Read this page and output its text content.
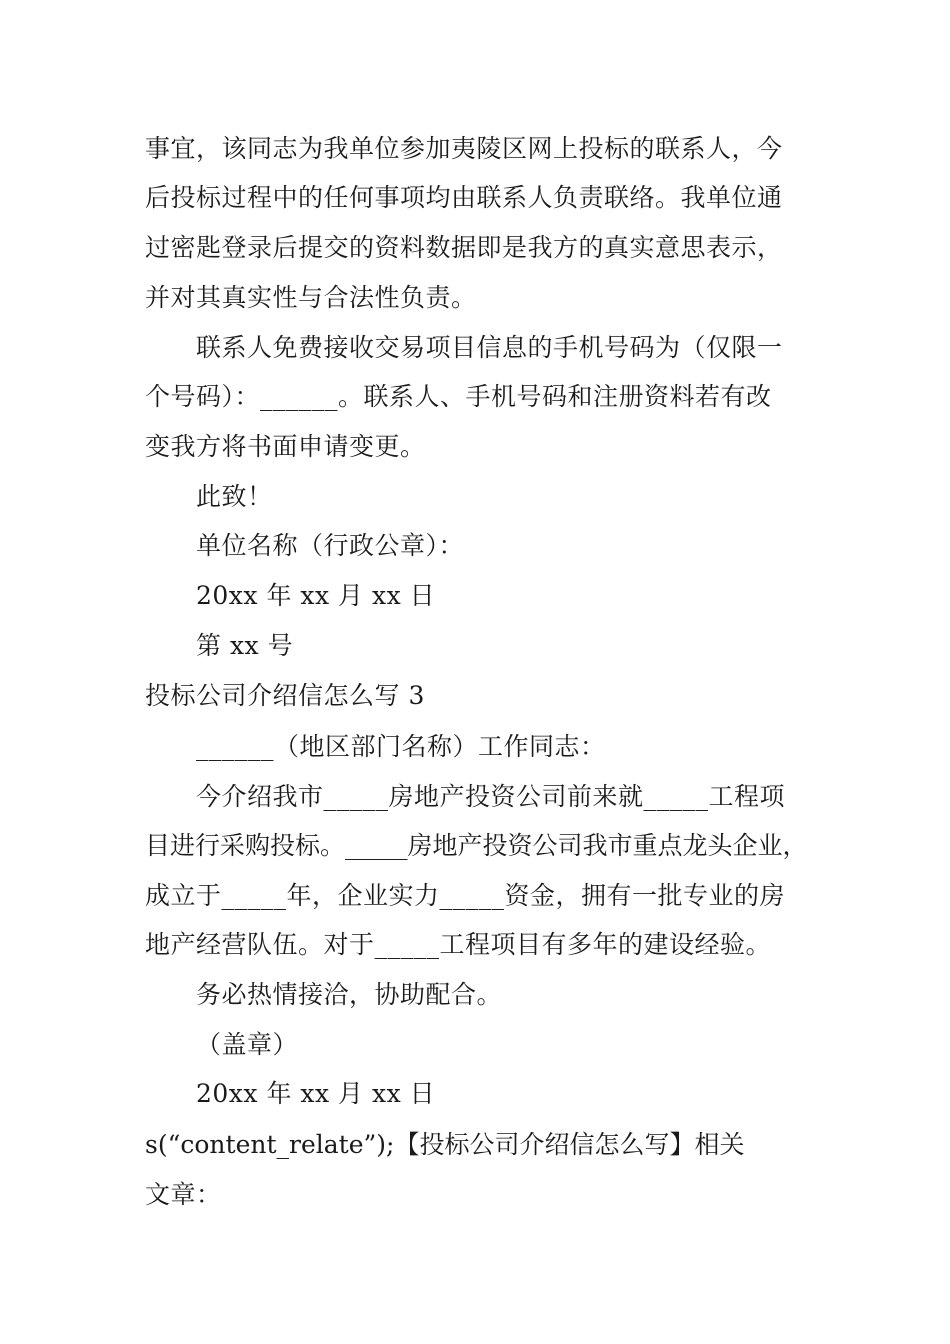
事宜，该同志为我单位参加夷陵区网上投标的联系人，今
后投标过程中的任何事项均由联系人负责联络。我单位通
过密匙登录后提交的资料数据即是我方的真实意思表示，
并对其真实性与合法性负责。
联系人免费接收交易项目信息的手机号码为（仅限一
个号码）：______。联系人、手机号码和注册资料若有改
变我方将书面申请变更。
此致！
单位名称（行政公章）：
20xx 年 xx 月 xx 日
第 xx 号
投标公司介绍信怎么写 3
______（地区部门名称）工作同志：
今介绍我市_____房地产投资公司前来就_____工程项
目进行采购投标。_____房地产投资公司我市重点龙头企业，
成立于_____年，企业实力_____资金，拥有一批专业的房
地产经营队伍。对于_____工程项目有多年的建设经验。
务必热情接洽，协助配合。
（盖章）
20xx 年 xx 月 xx 日
s(“content_relate”);【投标公司介绍信怎么写】相关
文章：
